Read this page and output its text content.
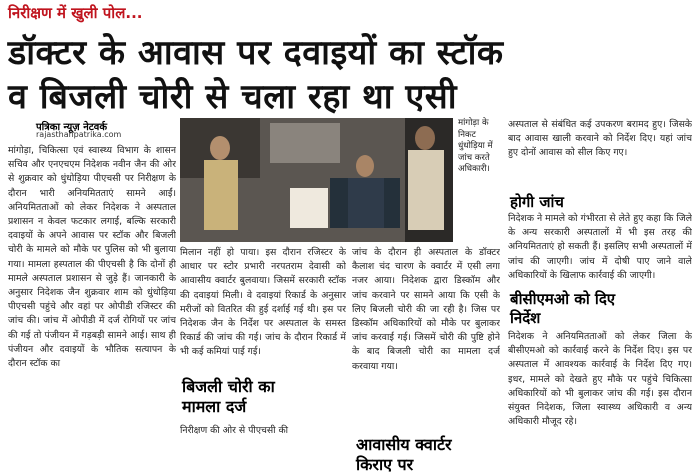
निरीक्षण में खुली पोल...
डॉक्टर के आवास पर दवाइयों का स्टॉक
व बिजली चोरी से चला रहा था एसी
पत्रिका न्यूज़ नेटवर्क
rajasthanpatrika.com

मांगोड़ा, चिकित्सा एवं स्वास्थ्य विभाग के शासन सचिव और एनएचएम निदेशक नवीन जैन की ओर से शुक्रवार को धुंधोड़िया पीएचसी पर निरीक्षण के दौरान भारी अनियमितताएं सामने आईं। अनियमितताओं को लेकर निदेशक ने अस्पताल प्रशासन न केवल फटकार लगाई, बल्कि सरकारी दवाइयों के अपने आवास पर स्टॉक और बिजली चोरी के मामले को मौके पर पुलिस को भी बुलाया गया। मामला हस्पताल की पीएचसी है कि दोनों ही मामले अस्पताल प्रशासन से जुड़े हैं। जानकारी के अनुसार निदेशक जैन शुक्रवार शाम को धुंधोड़िया पीएचसी पहुंचे और वहां पर ओपीडी रजिस्टर की जांच की। जांच में ओपीडी में दर्ज रोगियों पर जांच की गई तो पंजीयन में गड़बड़ी सामने आई। साथ ही पंजीयन और दवाइयों के भौतिक सत्यापन के दौरान स्टॉक का

मांगोड़ा के निकट धुंधोड़िया में जांच करते अधिकारी।

मिलान नहीं हो पाया। इस दौरान रजिस्टर के आधार पर स्टोर प्रभारी नरपतराम देवासी को आवासीय क्वार्टर बुलवाया। जिसमें सरकारी स्टॉक की दवाइयां मिली। वे दवाइयां रिकार्ड के अनुसार मरीजों को वितरित की हुई दर्शाई गई थी। इस पर निदेशक जैन के निर्देश पर अस्पताल के समस्त रिकार्ड की जांच की गई। जांच के दौरान रिकार्ड में भी कई कमियां पाई गई।

बिजली चोरी का
मामला दर्ज

निरीक्षण की ओर से पीएचसी की

जांच के दौरान ही अस्पताल के डॉक्टर कैलाश चंद चारण के क्वार्टर में एसी लगा नजर आया। निदेशक द्वारा डिस्कॉम और जांच करवाने पर सामने आया कि एसी के लिए बिजली चोरी की जा रही है। जिस पर डिस्कॉम अधिकारियों को मौके पर बुलाकर जांच करवाई गई। जिसमें चोरी की पुष्टि होने के बाद बिजली चोरी का मामला दर्ज करवाया गया।

आवासीय क्वार्टर
किराए पर

अस्पताल से संबंधित कई उपकरण बरामद हुए। जिसके बाद आवास खाली करवाने को निर्देश दिए। यहां जांच हुए दोनों आवास को सील किए गए।

होगी जांच

निदेशक ने मामले को गंभीरता से लेते हुए कहा कि जिले के अन्य सरकारी अस्पतालों में भी इस तरह की अनियमितताएं हो सकती हैं। इसलिए सभी अस्पतालों में जांच की जाएगी। जांच में दोषी पाए जाने वाले अधिकारियों के खिलाफ कार्रवाई की जाएगी।

बीसीएमओ को दिए
निर्देश

निदेशक ने अनियमितताओं को लेकर जिला के बीसीएमओ को कार्रवाई करने के निर्देश दिए। इस पर अस्पताल में आवश्यक कार्रवाई के निर्देश दिए गए। इधर, मामले को देखते हुए मौके पर पहुंचे चिकित्सा अधिकारियों को भी बुलाकर जांच की गई। इस दौरान संयुक्त निदेशक, जिला स्वास्थ्य अधिकारी व अन्य अधिकारी मौजूद रहे।
